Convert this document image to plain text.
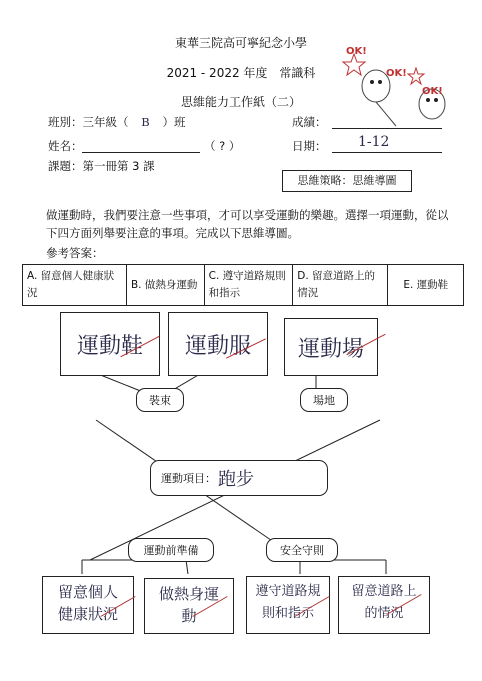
東華三院高可寧紀念小學
2021 - 2022 年度　常識科
思維能力工作紙（二）
OK!
OK!
OK!
班別：三年級（ B ）班	成績：
姓名：	（ ? ）	日期： 1-12
課題：第一冊第 3 課
思維策略：思維導圖
做運動時，我們要注意一些事項，才可以享受運動的樂趣。選擇一項運動，從以下四方面列舉要注意的事項。完成以下思維導圖。
參考答案：
A. 留意個人健康狀況	B. 做熱身運動	C. 遵守道路規則和指示	D. 留意道路上的情況	E. 運動鞋
運動鞋	運動服	運動場
裝束	場地
運動項目： 跑步
運動前準備	安全守則
留意個人健康狀況
做熱身運動
遵守道路規則和指示
留意道路上的情況
